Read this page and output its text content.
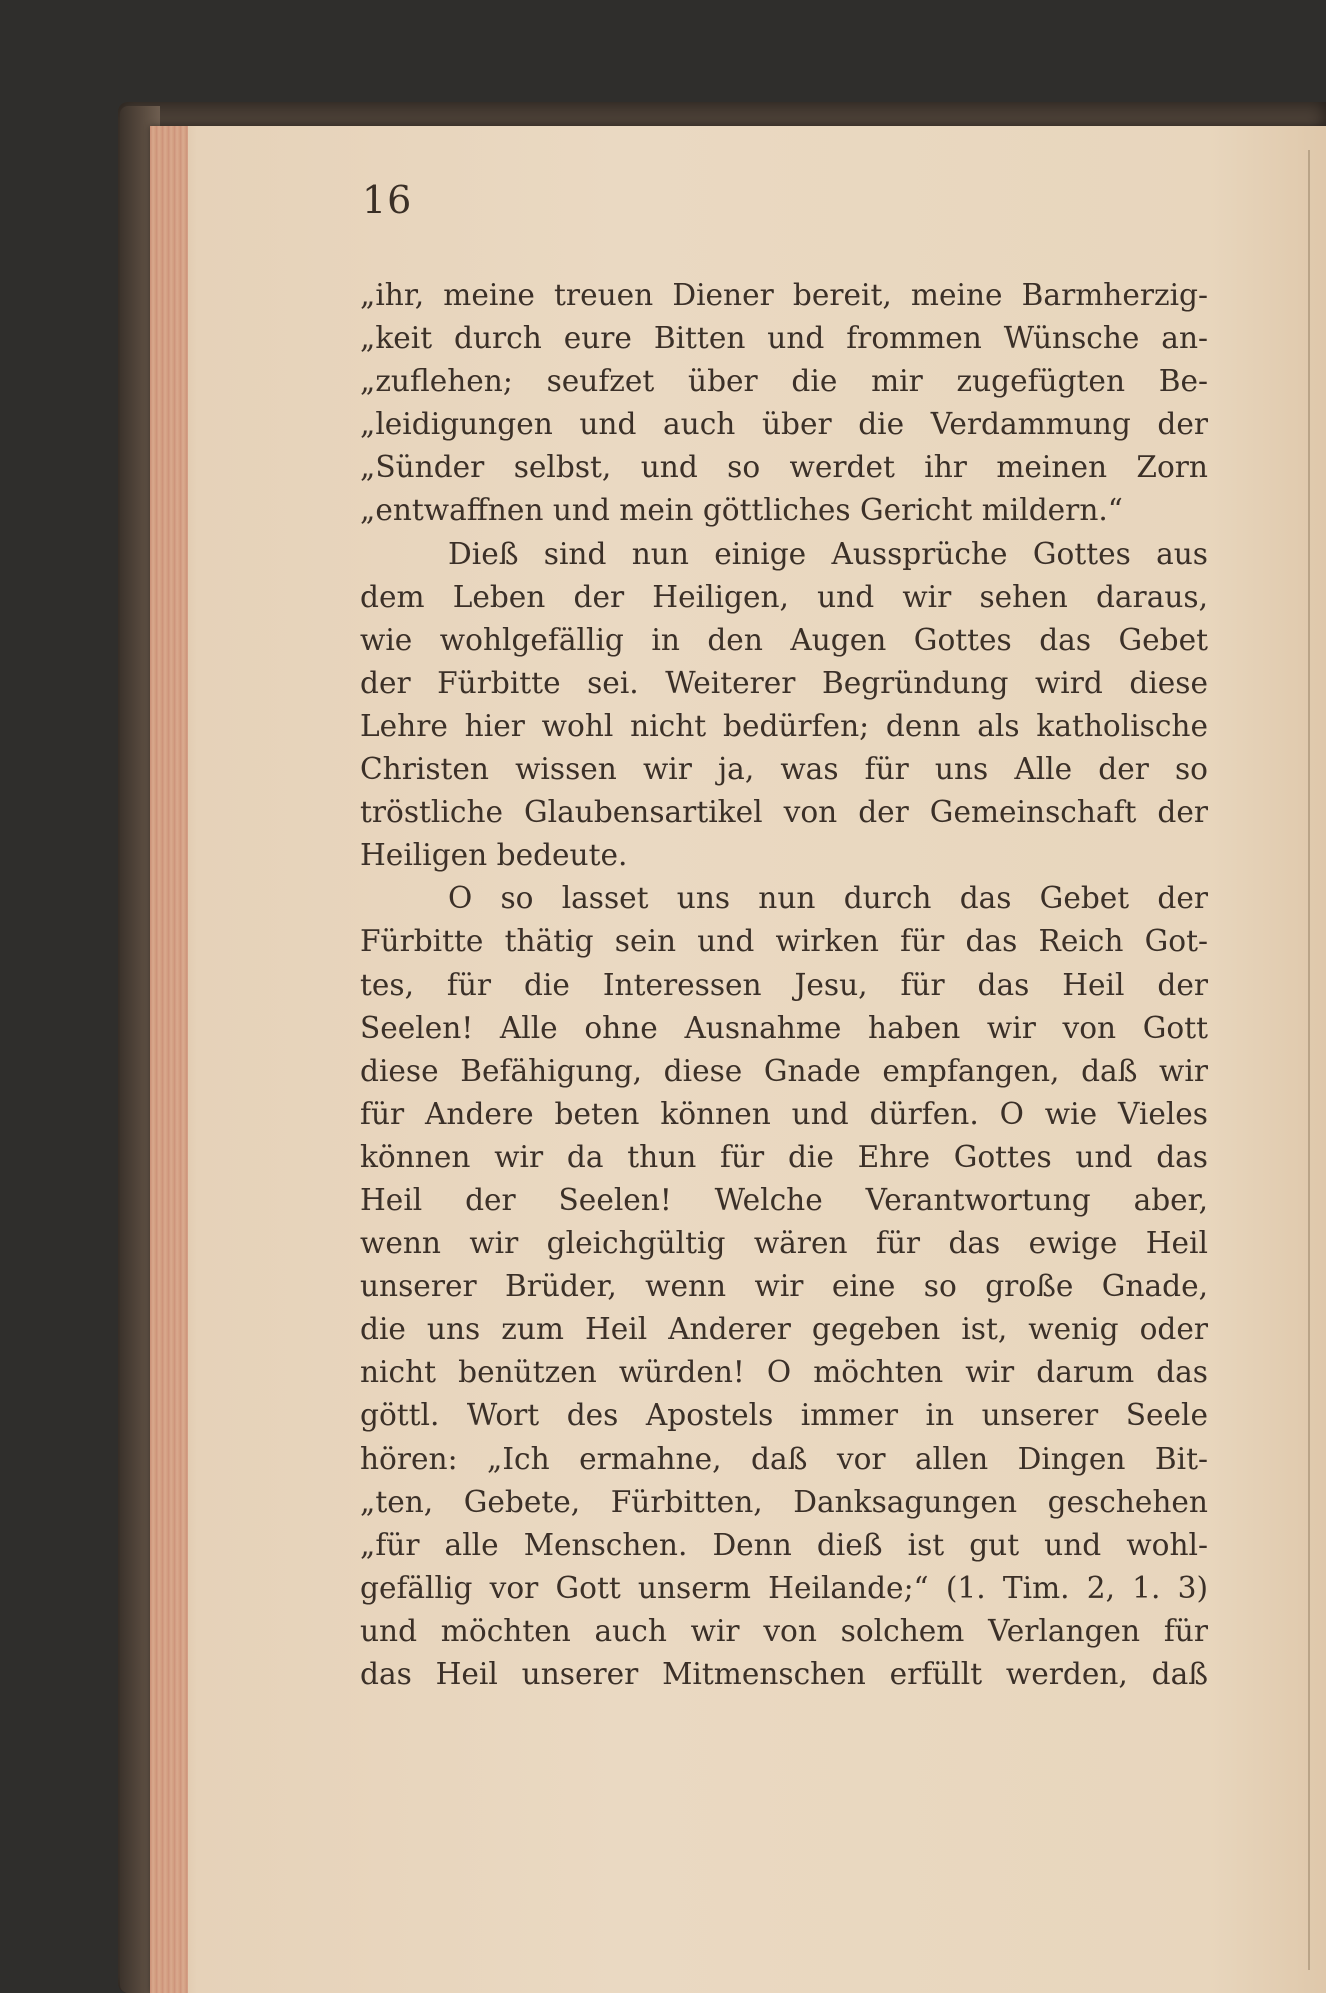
16
„ihr, meine treuen Diener bereit, meine Barmherzig-
„keit durch eure Bitten und frommen Wünsche an-
„zuflehen; seufzet über die mir zugefügten Be-
„leidigungen und auch über die Verdammung der
„Sünder selbst, und so werdet ihr meinen Zorn
„entwaffnen und mein göttliches Gericht mildern.“
Dieß sind nun einige Aussprüche Gottes aus
dem Leben der Heiligen, und wir sehen daraus,
wie wohlgefällig in den Augen Gottes das Gebet
der Fürbitte sei. Weiterer Begründung wird diese
Lehre hier wohl nicht bedürfen; denn als katholische
Christen wissen wir ja, was für uns Alle der so
tröstliche Glaubensartikel von der Gemeinschaft der
Heiligen bedeute.
O so lasset uns nun durch das Gebet der
Fürbitte thätig sein und wirken für das Reich Got-
tes, für die Interessen Jesu, für das Heil der
Seelen! Alle ohne Ausnahme haben wir von Gott
diese Befähigung, diese Gnade empfangen, daß wir
für Andere beten können und dürfen. O wie Vieles
können wir da thun für die Ehre Gottes und das
Heil der Seelen! Welche Verantwortung aber,
wenn wir gleichgültig wären für das ewige Heil
unserer Brüder, wenn wir eine so große Gnade,
die uns zum Heil Anderer gegeben ist, wenig oder
nicht benützen würden! O möchten wir darum das
göttl. Wort des Apostels immer in unserer Seele
hören: „Ich ermahne, daß vor allen Dingen Bit-
„ten, Gebete, Fürbitten, Danksagungen geschehen
„für alle Menschen. Denn dieß ist gut und wohl-
gefällig vor Gott unserm Heilande;“ (1. Tim. 2, 1. 3)
und möchten auch wir von solchem Verlangen für
das Heil unserer Mitmenschen erfüllt werden, daß
